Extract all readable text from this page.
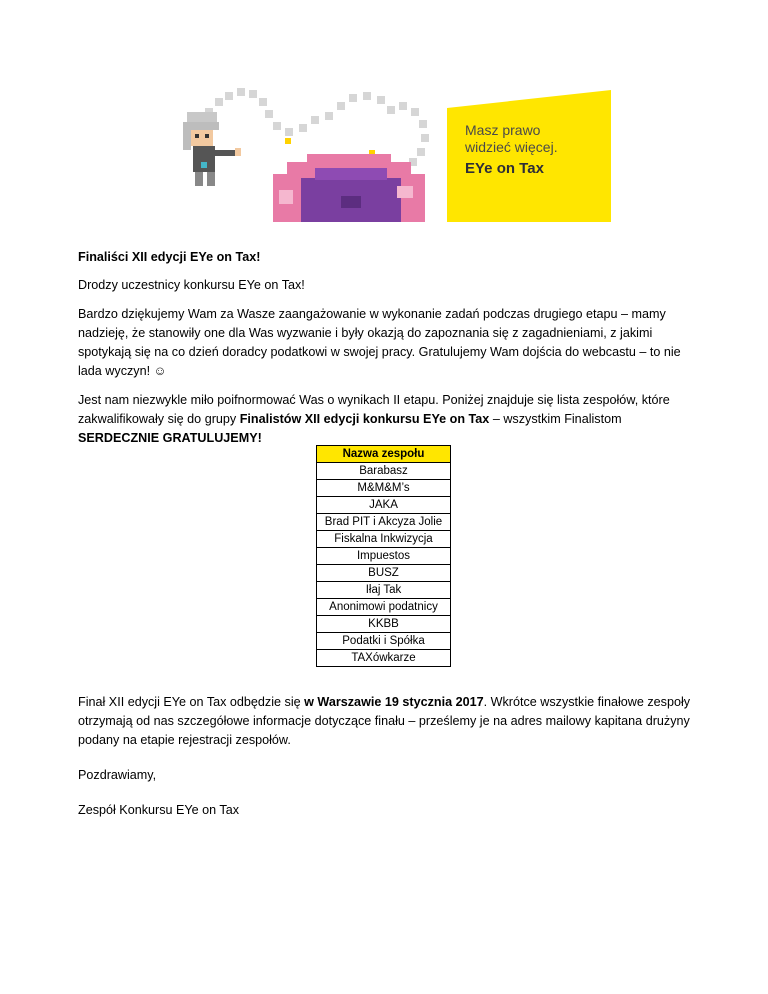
Masz prawo
widzieć więcej.
EYe on Tax

Finaliści XII edycji EYe on Tax!

Drodzy uczestnicy konkursu EYe on Tax!

Bardzo dziękujemy Wam za Wasze zaangażowanie w wykonanie zadań podczas drugiego etapu – mamy nadzieję, że stanowiły one dla Was wyzwanie i były okazją do zapoznania się z zagadnieniami, z jakimi spotykają się na co dzień doradcy podatkowi w swojej pracy. Gratulujemy Wam dojścia do webcastu – to nie lada wyczyn! ☺

Jest nam niezwykle miło poifnormować Was o wynikach II etapu. Poniżej znajduje się lista zespołów, które zakwalifikowały się do grupy Finalistów XII edycji konkursu EYe on Tax – wszystkim Finalistom SERDECZNIE GRATULUJEMY!

Nazwa zespołu
Barabasz
M&M&M’s
JAKA
Brad PIT i Akcyza Jolie
Fiskalna Inkwizycja
Impuestos
BUSZ
Iłaj Tak
Anonimowi podatnicy
KKBB
Podatki i Spółka
TAXówkarze

Finał XII edycji EYe on Tax odbędzie się w Warszawie 19 stycznia 2017. Wkrótce wszystkie finałowe zespoły otrzymają od nas szczegółowe informacje dotyczące finału – prześlemy je na adres mailowy kapitana drużyny podany na etapie rejestracji zespołów.

Pozdrawiamy,

Zespół Konkursu EYe on Tax
